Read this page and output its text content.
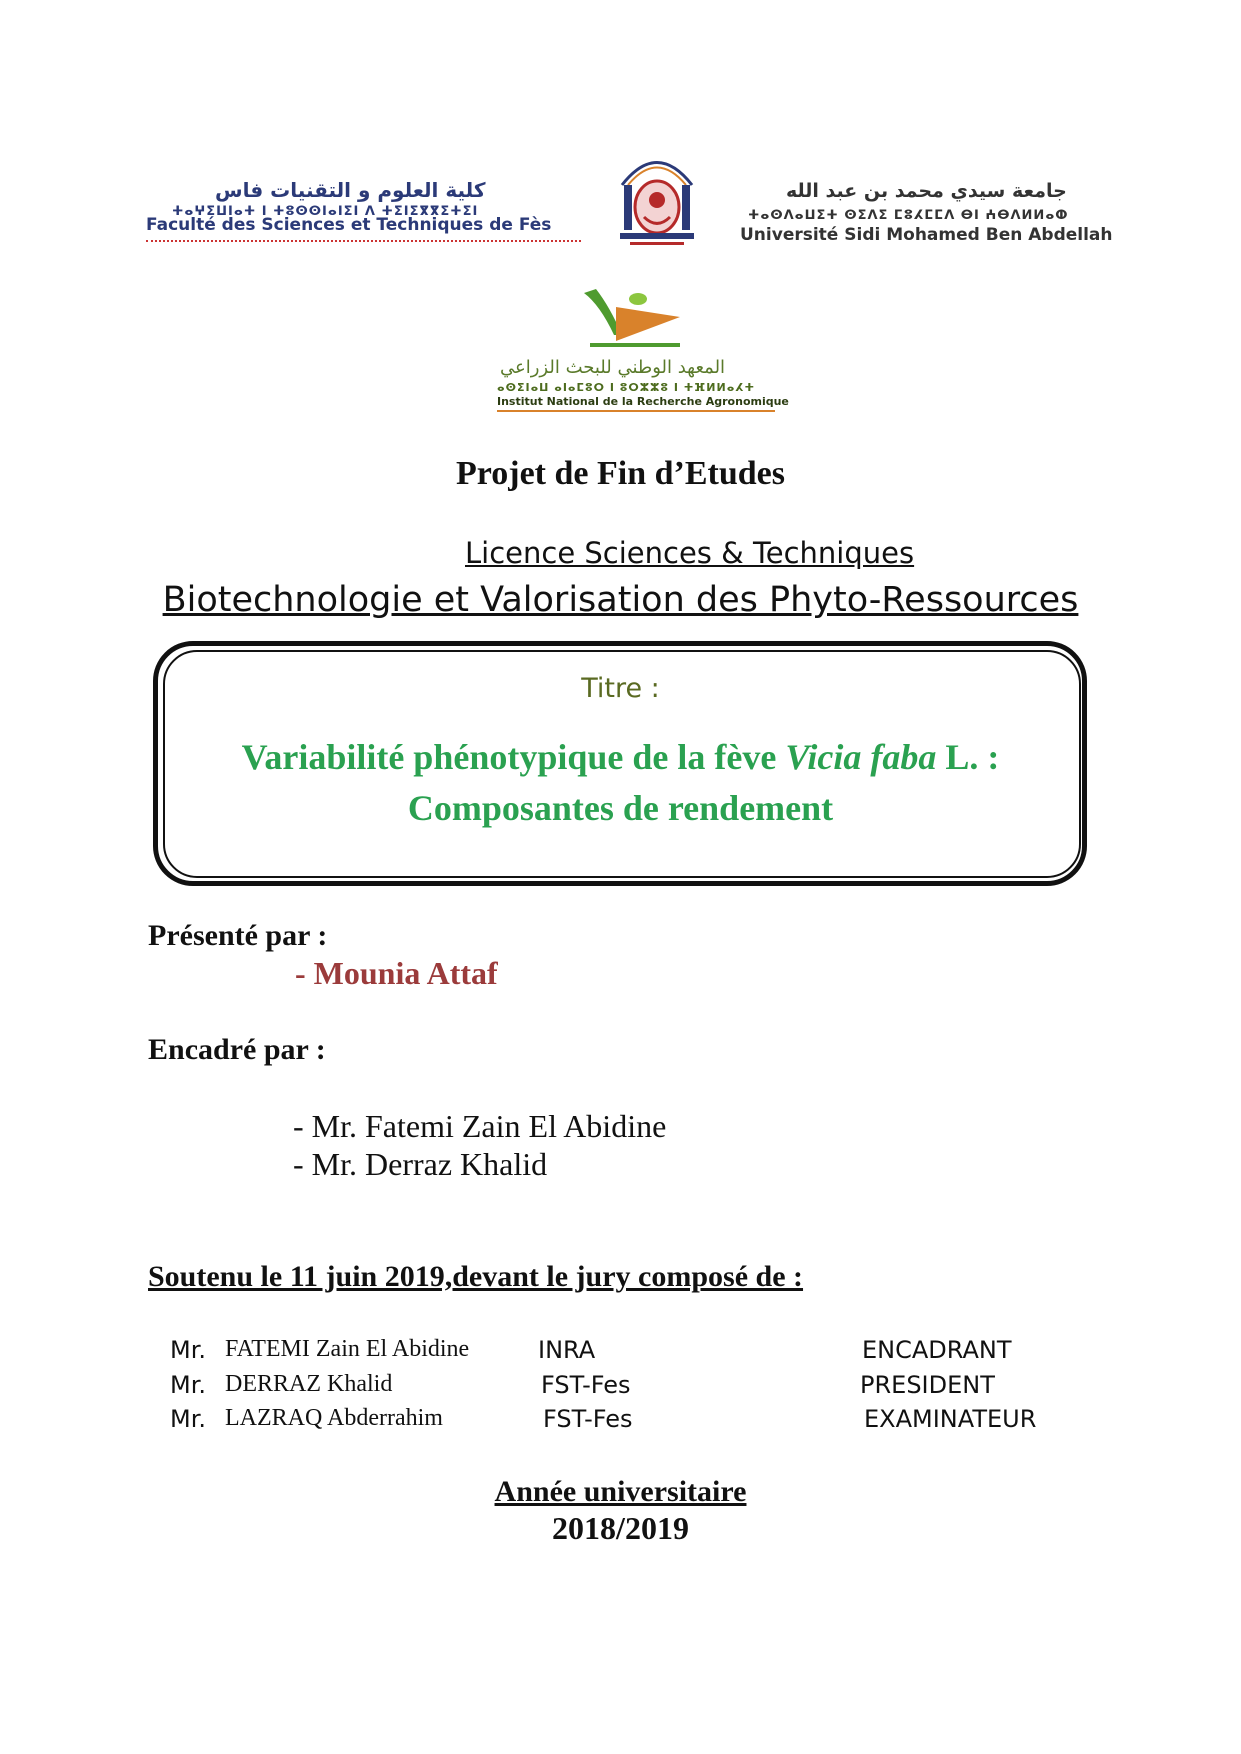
كلية العلوم و التقنيات فاس
ⵜⴰⵖⵉⵡⵏⴰⵜ ⵏ ⵜⵓⵙⵙⵏⴰⵏⵉⵏ ⴷ ⵜⵉⵏⵉⴳⴳⵉⵜⵉⵏ
Faculté des Sciences et Techniques de Fès
جامعة سيدي محمد بن عبد الله
ⵜⴰⵙⴷⴰⵡⵉⵜ ⵙⵉⴷⵉ ⵎⵓⵃⵎⵎⴷ ⴱⵏ ⵄⴱⴷⵍⵍⴰⵀ
Université Sidi Mohamed Ben Abdellah
المعهد الوطني للبحث الزراعي
ⴰⵙⵉⵏⴰⵡ ⴰⵏⴰⵎⵓⵔ ⵏ ⵓⵔⵣⵣⵓ ⵏ ⵜⴼⵍⵍⴰⵃⵜ
Institut National de la Recherche Agronomique
Projet de Fin d’Etudes
Licence Sciences & Techniques
Biotechnologie et Valorisation des Phyto-Ressources
Titre :
Variabilité phénotypique de la fève Vicia faba L. :
Composantes de rendement
Présenté par :
- Mounia Attaf
Encadré par :
- Mr. Fatemi Zain El Abidine
- Mr. Derraz Khalid
Soutenu le 11 juin 2019,devant le jury composé de :
Mr. FATEMI Zain El Abidine	INRA	ENCADRANT
Mr. DERRAZ Khalid	FST-Fes	PRESIDENT
Mr. LAZRAQ Abderrahim	FST-Fes	EXAMINATEUR
Année universitaire
2018/2019
